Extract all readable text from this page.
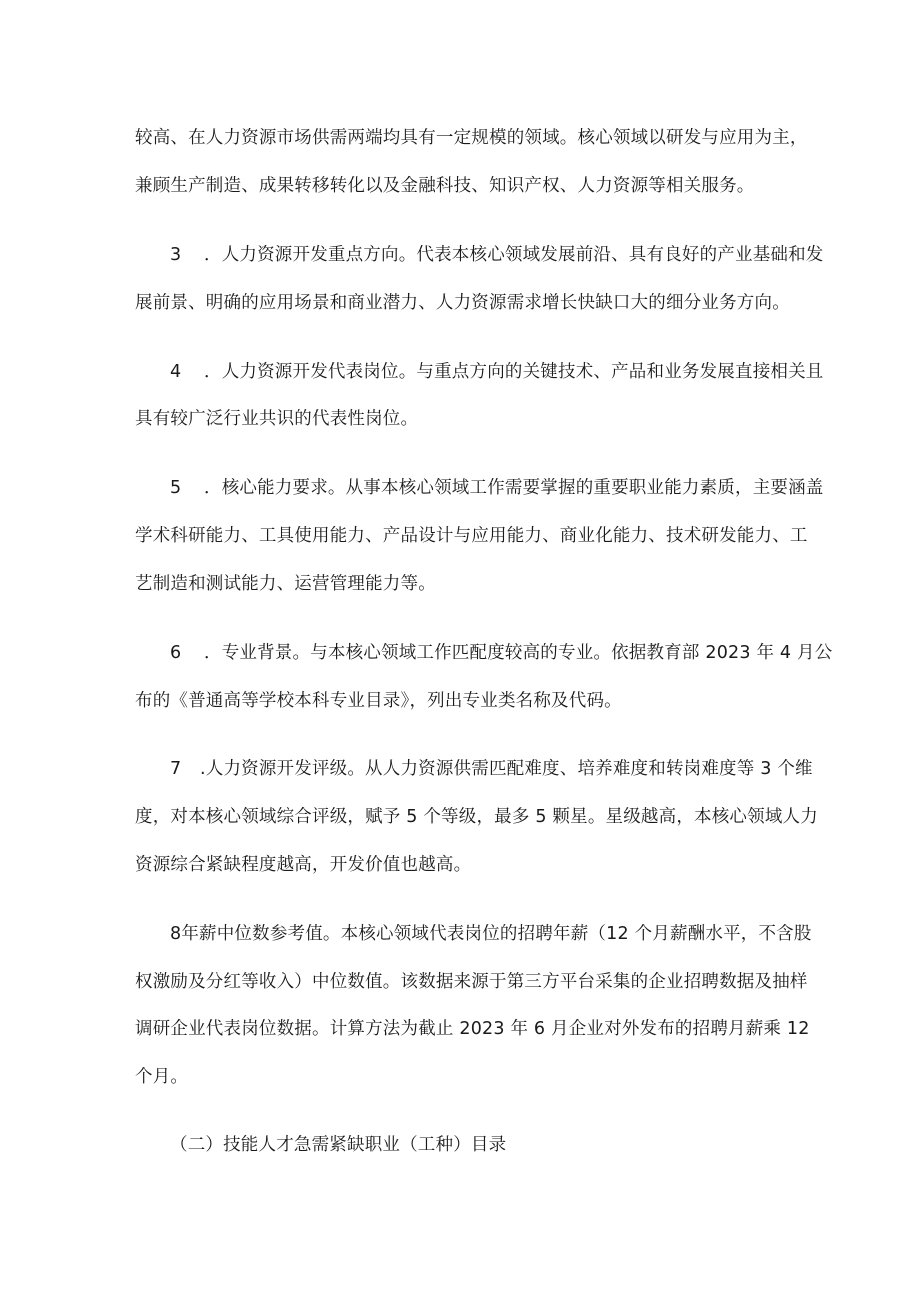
较高、在人力资源市场供需两端均具有一定规模的领域。核心领域以研发与应用为主，
兼顾生产制造、成果转移转化以及金融科技、知识产权、人力资源等相关服务。
3 ．人力资源开发重点方向。代表本核心领域发展前沿、具有良好的产业基础和发
展前景、明确的应用场景和商业潜力、人力资源需求增长快缺口大的细分业务方向。
4 ．人力资源开发代表岗位。与重点方向的关键技术、产品和业务发展直接相关且
具有较广泛行业共识的代表性岗位。
5 ．核心能力要求。从事本核心领域工作需要掌握的重要职业能力素质，主要涵盖
学术科研能力、工具使用能力、产品设计与应用能力、商业化能力、技术研发能力、工
艺制造和测试能力、运营管理能力等。
6 ．专业背景。与本核心领域工作匹配度较高的专业。依据教育部 2023 年 4 月公
布的《普通高等学校本科专业目录》，列出专业类名称及代码。
7 .人力资源开发评级。从人力资源供需匹配难度、培养难度和转岗难度等 3 个维
度，对本核心领域综合评级，赋予 5 个等级，最多 5 颗星。星级越高，本核心领域人力
资源综合紧缺程度越高，开发价值也越高。
8年薪中位数参考值。本核心领域代表岗位的招聘年薪（12 个月薪酬水平，不含股
权激励及分红等收入）中位数值。该数据来源于第三方平台采集的企业招聘数据及抽样
调研企业代表岗位数据。计算方法为截止 2023 年 6 月企业对外发布的招聘月薪乘 12
个月。
（二）技能人才急需紧缺职业（工种）目录
